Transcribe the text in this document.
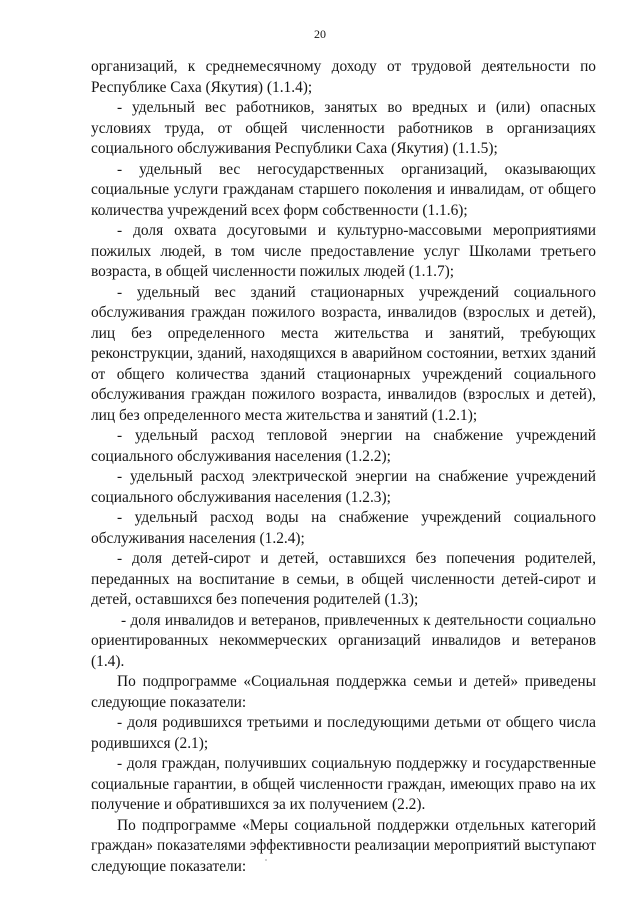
20

организаций, к среднемесячному доходу от трудовой деятельности по Республике Саха (Якутия) (1.1.4);

- удельный вес работников, занятых во вредных и (или) опасных условиях труда, от общей численности работников в организациях социального обслуживания Республики Саха (Якутия) (1.1.5);

- удельный вес негосударственных организаций, оказывающих социальные услуги гражданам старшего поколения и инвалидам, от общего количества учреждений всех форм собственности (1.1.6);

- доля охвата досуговыми и культурно-массовыми мероприятиями пожилых людей, в том числе предоставление услуг Школами третьего возраста, в общей численности пожилых людей (1.1.7);

- удельный вес зданий стационарных учреждений социального обслуживания граждан пожилого возраста, инвалидов (взрослых и детей), лиц без определенного места жительства и занятий, требующих реконструкции, зданий, находящихся в аварийном состоянии, ветхих зданий от общего количества зданий стационарных учреждений социального обслуживания граждан пожилого возраста, инвалидов (взрослых и детей), лиц без определенного места жительства и занятий (1.2.1);

- удельный расход тепловой энергии на снабжение учреждений социального обслуживания населения (1.2.2);

- удельный расход электрической энергии на снабжение учреждений социального обслуживания населения (1.2.3);

- удельный расход воды на снабжение учреждений социального обслуживания населения (1.2.4);

- доля детей-сирот и детей, оставшихся без попечения родителей, переданных на воспитание в семьи, в общей численности детей-сирот и детей, оставшихся без попечения родителей (1.3);

- доля инвалидов и ветеранов, привлеченных к деятельности социально ориентированных некоммерческих организаций инвалидов и ветеранов (1.4).

По подпрограмме «Социальная поддержка семьи и детей» приведены следующие показатели:

- доля родившихся третьими и последующими детьми от общего числа родившихся (2.1);

- доля граждан, получивших социальную поддержку и государственные социальные гарантии, в общей численности граждан, имеющих право на их получение и обратившихся за их получением (2.2).

По подпрограмме «Меры социальной поддержки отдельных категорий граждан» показателями эффективности реализации мероприятий выступают следующие показатели:
